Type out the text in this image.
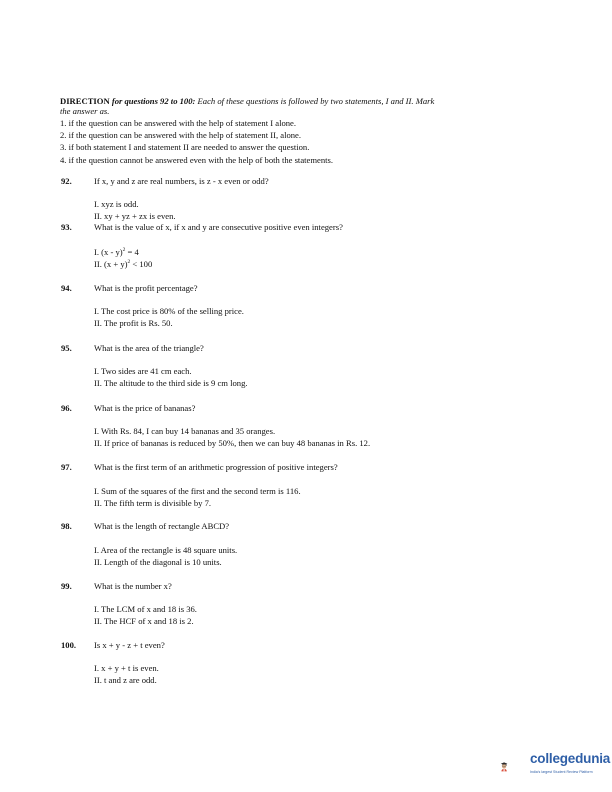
DIRECTION for questions 92 to 100: Each of these questions is followed by two statements, I and II. Mark
the answer as.
1. if the question can be answered with the help of statement I alone.
2. if the question can be answered with the help of statement II, alone.
3. if both statement I and statement II are needed to answer the question.
4. if the question cannot be answered even with the help of both the statements.
92.	If x, y and z are real numbers, is z - x even or odd?
I. xyz is odd.
II. xy + yz + zx is even.
93.	What is the value of x, if x and y are consecutive positive even integers?
I. (x - y)$^2$ = 4
II. $(x + y)^2 < 100$
94.	What is the profit percentage?
I. The cost price is 80% of the selling price.
II. The profit is Rs. 50.
95.	What is the area of the triangle?
I. Two sides are 41 cm each.
II. The altitude to the third side is 9 cm long.
96.	What is the price of bananas?
I. With Rs. 84, I can buy 14 bananas and 35 oranges.
II. If price of bananas is reduced by 50%, then we can buy 48 bananas in Rs. 12.
97.	What is the first term of an arithmetic progression of positive integers?
I. Sum of the squares of the first and the second term is 116.
II. The fifth term is divisible by 7.
98.	What is the length of rectangle ABCD?
I. Area of the rectangle is 48 square units.
II. Length of the diagonal is 10 units.
99.	What is the number x?
I. The LCM of x and 18 is 36.
II. The HCF of x and 18 is 2.
100. Is x + y - z + t even?
I. x + y + t is even.
II. t and z are odd.
collegedunia
India's largest Student Review Platform
